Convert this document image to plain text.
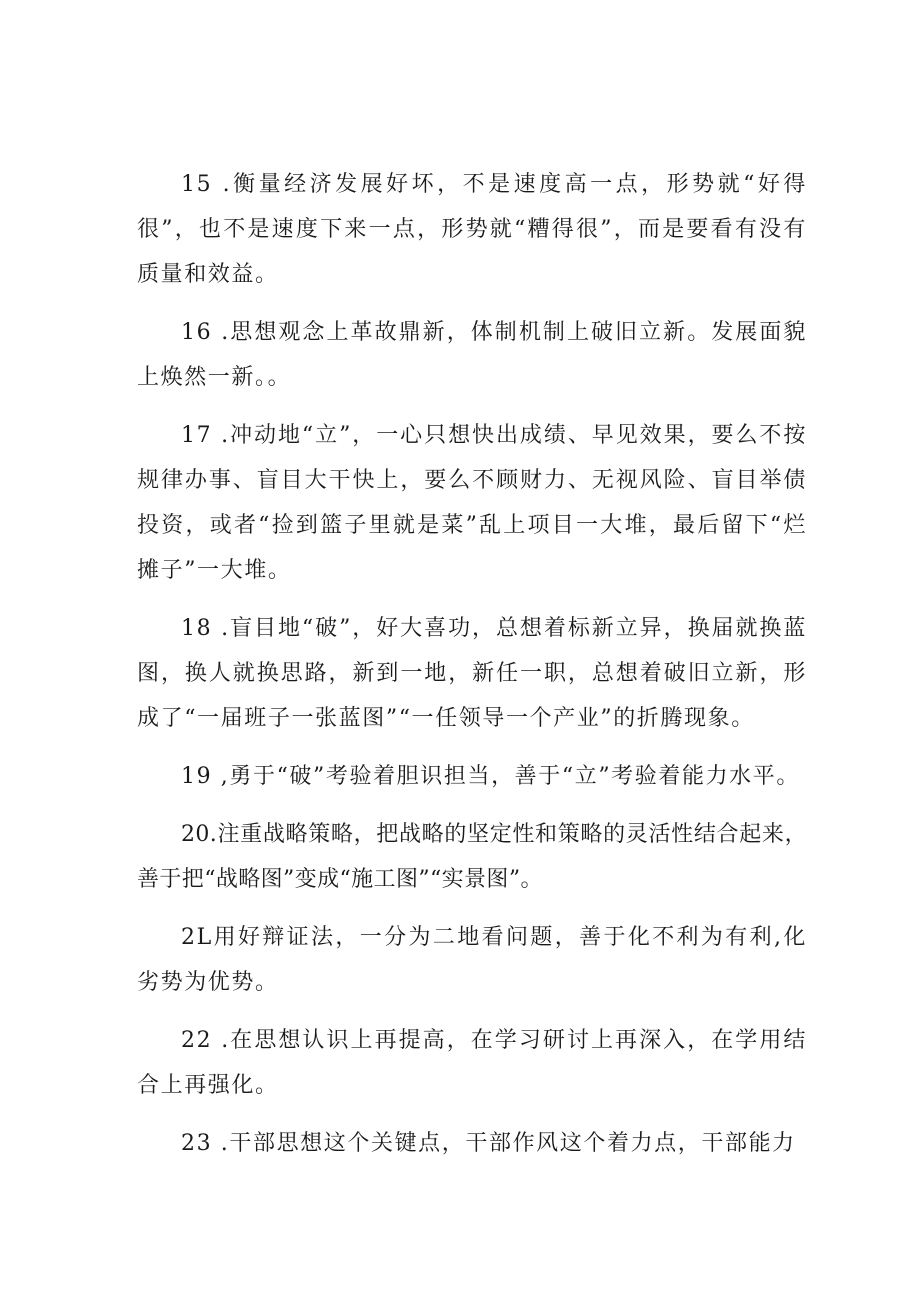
15 .衡量经济发展好坏，不是速度高一点，形势就“好得很”，也不是速度下来一点，形势就“糟得很”，而是要看有没有质量和效益。

16 .思想观念上革故鼎新，体制机制上破旧立新。发展面貌上焕然一新。。

17 .冲动地“立”，一心只想快出成绩、早见效果，要么不按规律办事、盲目大干快上，要么不顾财力、无视风险、盲目举债投资，或者“捡到篮子里就是菜”乱上项目一大堆，最后留下“烂摊子”一大堆。

18 .盲目地“破”，好大喜功，总想着标新立异，换届就换蓝图，换人就换思路，新到一地，新任一职，总想着破旧立新，形成了“一届班子一张蓝图”“一任领导一个产业”的折腾现象。

19 ,勇于“破”考验着胆识担当，善于“立”考验着能力水平。

20.注重战略策略，把战略的坚定性和策略的灵活性结合起来，善于把“战略图”变成“施工图”“实景图”。

2L用好辩证法，一分为二地看问题，善于化不利为有利,化劣势为优势。

22 .在思想认识上再提高，在学习研讨上再深入，在学用结合上再强化。

23 .干部思想这个关键点，干部作风这个着力点，干部能力
